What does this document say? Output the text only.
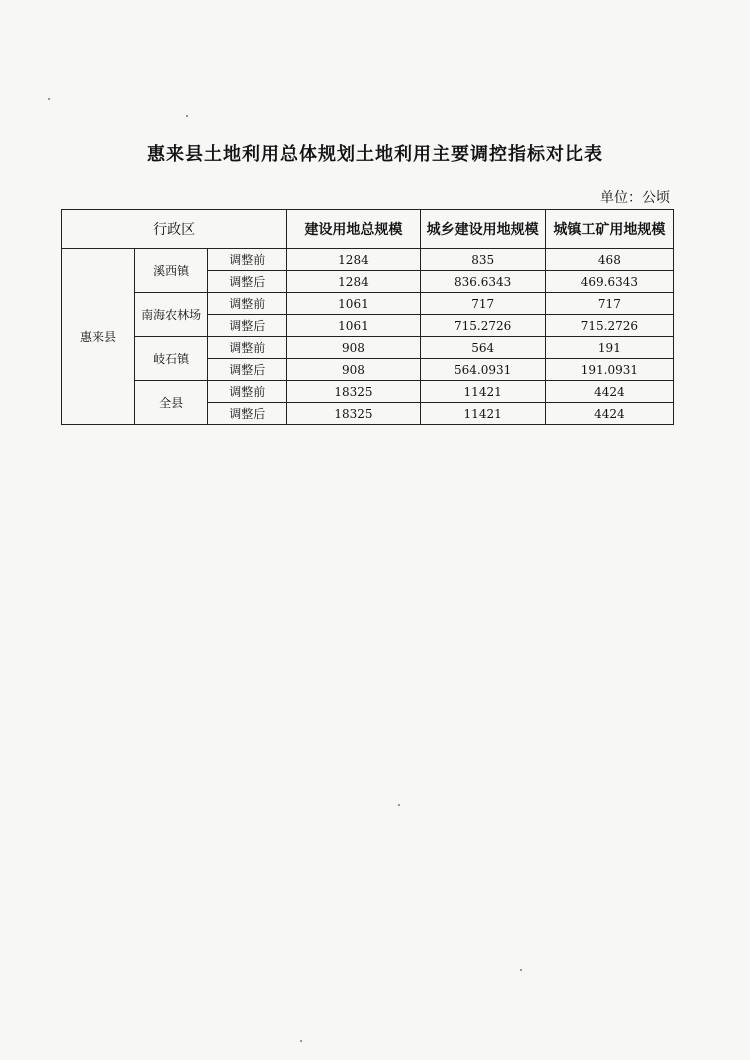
惠来县土地利用总体规划土地利用主要调控指标对比表
单位：公顷
行政区			建设用地总规模	城乡建设用地规模	城镇工矿用地规模
惠来县	溪西镇	调整前	1284	835	468
		调整后	1284	836.6343	469.6343
	南海农林场	调整前	1061	717	717
		调整后	1061	715.2726	715.2726
	岐石镇	调整前	908	564	191
		调整后	908	564.0931	191.0931
	全县	调整前	18325	11421	4424
		调整后	18325	11421	4424
